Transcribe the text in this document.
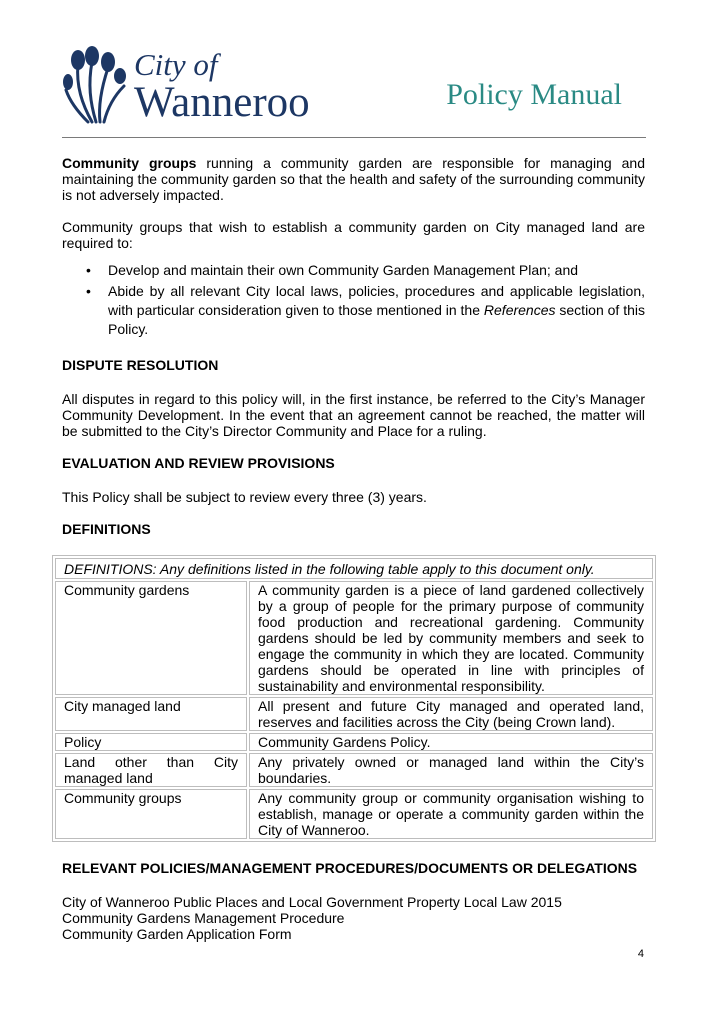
City of
Wanneroo	Policy Manual

Community groups running a community garden are responsible for managing and maintaining the community garden so that the health and safety of the surrounding community is not adversely impacted.

Community groups that wish to establish a community garden on City managed land are required to:

• Develop and maintain their own Community Garden Management Plan; and
• Abide by all relevant City local laws, policies, procedures and applicable legislation, with particular consideration given to those mentioned in the References section of this Policy.

DISPUTE RESOLUTION

All disputes in regard to this policy will, in the first instance, be referred to the City’s Manager Community Development. In the event that an agreement cannot be reached, the matter will be submitted to the City’s Director Community and Place for a ruling.

EVALUATION AND REVIEW PROVISIONS

This Policy shall be subject to review every three (3) years.

DEFINITIONS

DEFINITIONS: Any definitions listed in the following table apply to this document only.	
Community gardens	A community garden is a piece of land gardened collectively by a group of people for the primary purpose of community food production and recreational gardening. Community gardens should be led by community members and seek to engage the community in which they are located. Community gardens should be operated in line with principles of sustainability and environmental responsibility.
City managed land	All present and future City managed and operated land, reserves and facilities across the City (being Crown land).
Policy	Community Gardens Policy.
Land other than City managed land	Any privately owned or managed land within the City’s boundaries.
Community groups	Any community group or community organisation wishing to establish, manage or operate a community garden within the City of Wanneroo.

RELEVANT POLICIES/MANAGEMENT PROCEDURES/DOCUMENTS OR DELEGATIONS

City of Wanneroo Public Places and Local Government Property Local Law 2015

Community Gardens Management Procedure

Community Garden Application Form

4
